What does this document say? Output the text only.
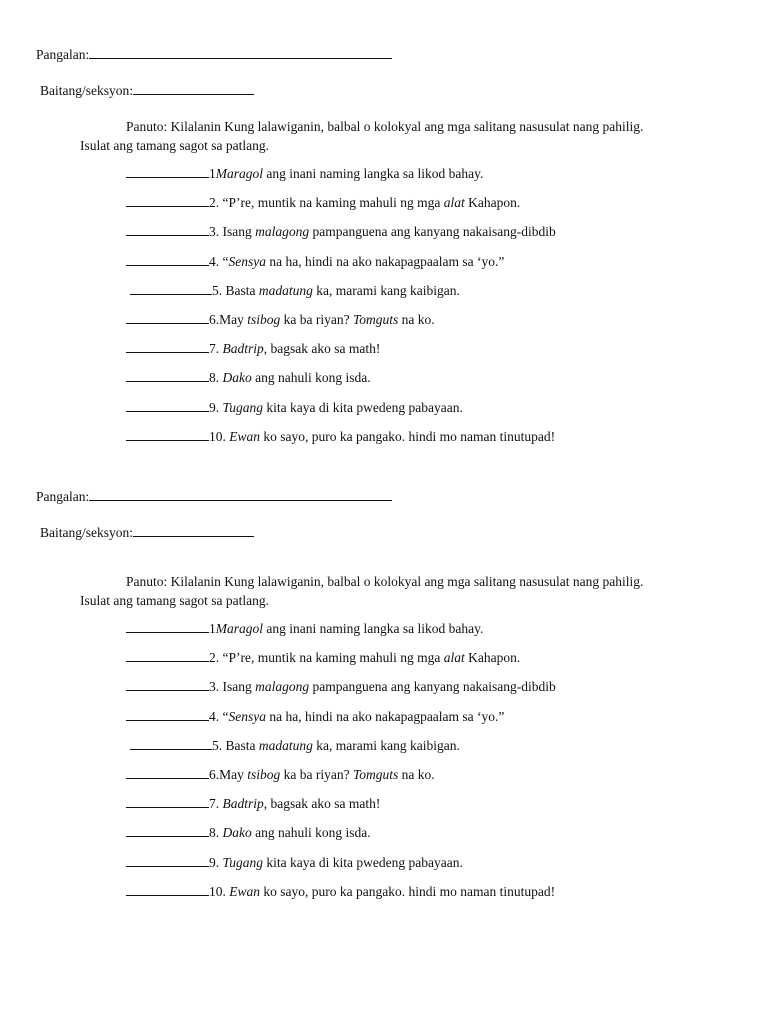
Pangalan:
Baitang/seksyon:
Panuto: Kilalanin Kung lalawiganin, balbal o kolokyal ang mga salitang nasusulat nang pahilig. Isulat ang tamang sagot sa patlang.
1Maragol ang inani naming langka sa likod bahay.
2. “P’re, muntik na kaming mahuli ng mga alat Kahapon.
3. Isang malagong pampanguena ang kanyang nakaisang-dibdib
4. “Sensya na ha, hindi na ako nakapagpaalam sa ‘yo.”
5. Basta madatung ka, marami kang kaibigan.
6.May tsibog ka ba riyan? Tomguts na ko.
7. Badtrip, bagsak ako sa math!
8. Dako ang nahuli kong isda.
9. Tugang kita kaya di kita pwedeng pabayaan.
10. Ewan ko sayo, puro ka pangako. hindi mo naman tinutupad!
Pangalan:
Baitang/seksyon:
Panuto: Kilalanin Kung lalawiganin, balbal o kolokyal ang mga salitang nasusulat nang pahilig. Isulat ang tamang sagot sa patlang.
1Maragol ang inani naming langka sa likod bahay.
2. “P’re, muntik na kaming mahuli ng mga alat Kahapon.
3. Isang malagong pampanguena ang kanyang nakaisang-dibdib
4. “Sensya na ha, hindi na ako nakapagpaalam sa ‘yo.”
5. Basta madatung ka, marami kang kaibigan.
6.May tsibog ka ba riyan? Tomguts na ko.
7. Badtrip, bagsak ako sa math!
8. Dako ang nahuli kong isda.
9. Tugang kita kaya di kita pwedeng pabayaan.
10. Ewan ko sayo, puro ka pangako. hindi mo naman tinutupad!
